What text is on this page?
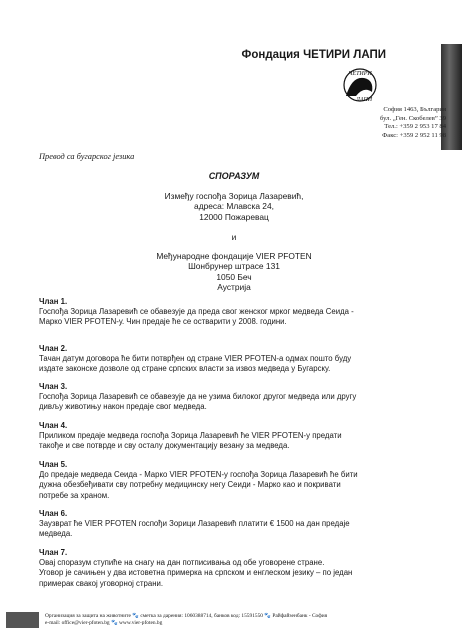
Фондация ЧЕТИРИ ЛАПИ
ЧЕТИРИ
ЛАПИ
София 1463, България
бул. „Ген. Скобелев” 39
Тел.: +359 2 953 17 84
Факс: +359 2 952 11 98
Превод са бугарског језика
СПОРАЗУМ
Између госпођа Зорица Лазаревић,
адреса: Млавска 24,
12000 Пожаревац
и
Међународне фондације VIER PFOTEN
Шонбрунер штрасе 131
1050 Беч
Аустрија
Члан 1.
Госпођа Зорица Лазаревић се обавезује да преда свог женског мрког медведа Сеида -
Марко VIER PFOTEN-у. Чин предаје ће се остварити у 2008. години.
Члан 2.
Тачан датум договора ће бити потврђен од стране VIER PFOTEN-а одмах пошто буду
издате законске дозволе од стране српских власти за извоз медведа у Бугарску.
Члан 3.
Госпођа Зорица Лазаревић се обавезује да не узима билоког другог медведа или другу
дивљу животињу након предаје свог медведа.
Члан 4.
Приликом предаје медведа госпођа Зорица Лазаревић ће VIER PFOTEN-у предати
такође и све потврде и сву осталу документацију везану за медведа.
Члан 5.
До предаје медведа Сеида - Марко VIER PFOTEN-у госпођа Зорица Лазаревић ће бити
дужна обезбеђивати сву потребну медицинску негу Сеиди - Марко као и покривати
потребе за храном.
Члан 6.
Заузврат ће VIER PFOTEN госпођи Зорици Лазаревић платити € 1500 на дан предаје
медведа.
Члан 7.
Овај споразум ступиће на снагу на дан потписивања од обе уговорене стране.
Уговор је сачињен у два истоветна примерка на српском и енглеском језику – по један
примерак свакој уговорној страни.
Организация за защита на животните 🐾 сметка за дарения: 1060388714, банков код: 15591550 🐾 Райфайзенбанк - София
e-mail: office@vier-pfoten.bg 🐾 www.vier-pfoten.bg
